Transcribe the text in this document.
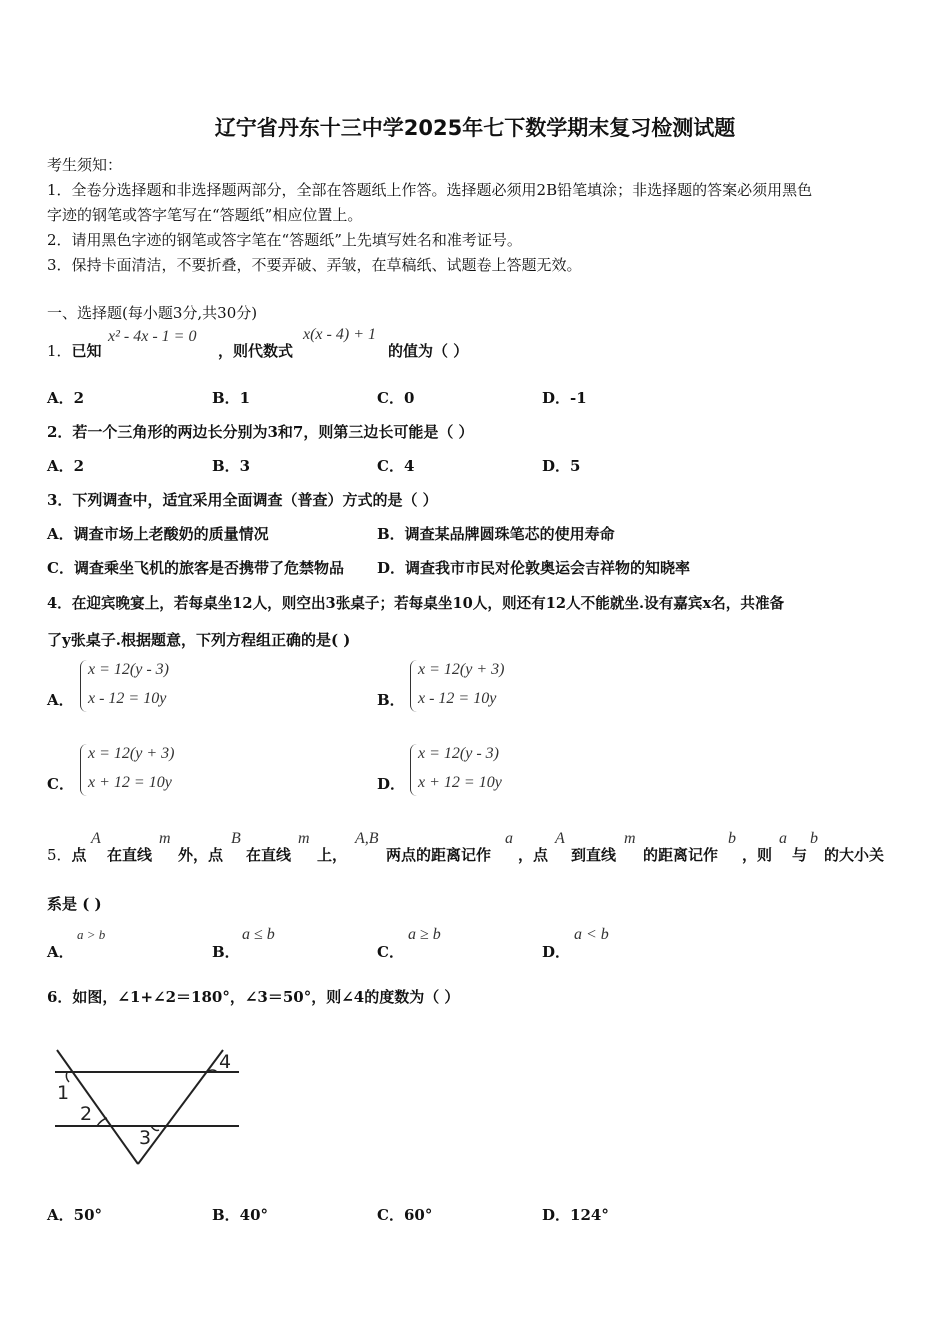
辽宁省丹东十三中学2025年七下数学期末复习检测试题
考生须知：
1．全卷分选择题和非选择题两部分，全部在答题纸上作答。选择题必须用2B铅笔填涂；非选择题的答案必须用黑色
字迹的钢笔或答字笔写在“答题纸”相应位置上。
2．请用黑色字迹的钢笔或答字笔在“答题纸”上先填写姓名和准考证号。
3．保持卡面清洁，不要折叠，不要弄破、弄皱，在草稿纸、试题卷上答题无效。
一、选择题(每小题3分,共30分)
1．已知
x² - 4x - 1 = 0
，则代数式
x(x - 4) + 1
的值为（ ）
A．2	B．1	C．0	D．-1
2．若一个三角形的两边长分别为3和7，则第三边长可能是（ ）
A．2	B．3	C．4	D．5
3．下列调查中，适宜采用全面调查（普查）方式的是（ ）
A．调查市场上老酸奶的质量情况	B．调查某品牌圆珠笔芯的使用寿命
C．调查乘坐飞机的旅客是否携带了危禁物品 D．调查我市市民对伦敦奥运会吉祥物的知晓率
4．在迎宾晚宴上，若每桌坐12人，则空出3张桌子；若每桌坐10人，则还有12人不能就坐.设有嘉宾x名，共准备
了y张桌子.根据题意，下列方程组正确的是( )
A．
x = 12(y - 3)
x - 12 = 10y	B．
x = 12(y + 3)
x - 12 = 10y
C．
x = 12(y + 3)
x + 12 = 10y	D．
x = 12(y - 3)
x + 12 = 10y
5．点
A
在直线
m
外，点
B
在直线
m
上，
A,B
两点的距离记作
a
，点
A
到直线
m
的距离记作
b
，则
a
与
b
的大小关
系是 ( )
A．
a > b
B．
a ≤ b
C．
a ≥ b
D．
a < b
6．如图，∠1+∠2＝180°，∠3＝50°，则∠4的度数为（ ）
1
2
3
4
A．50°	B．40°	C．60°	D．124°
